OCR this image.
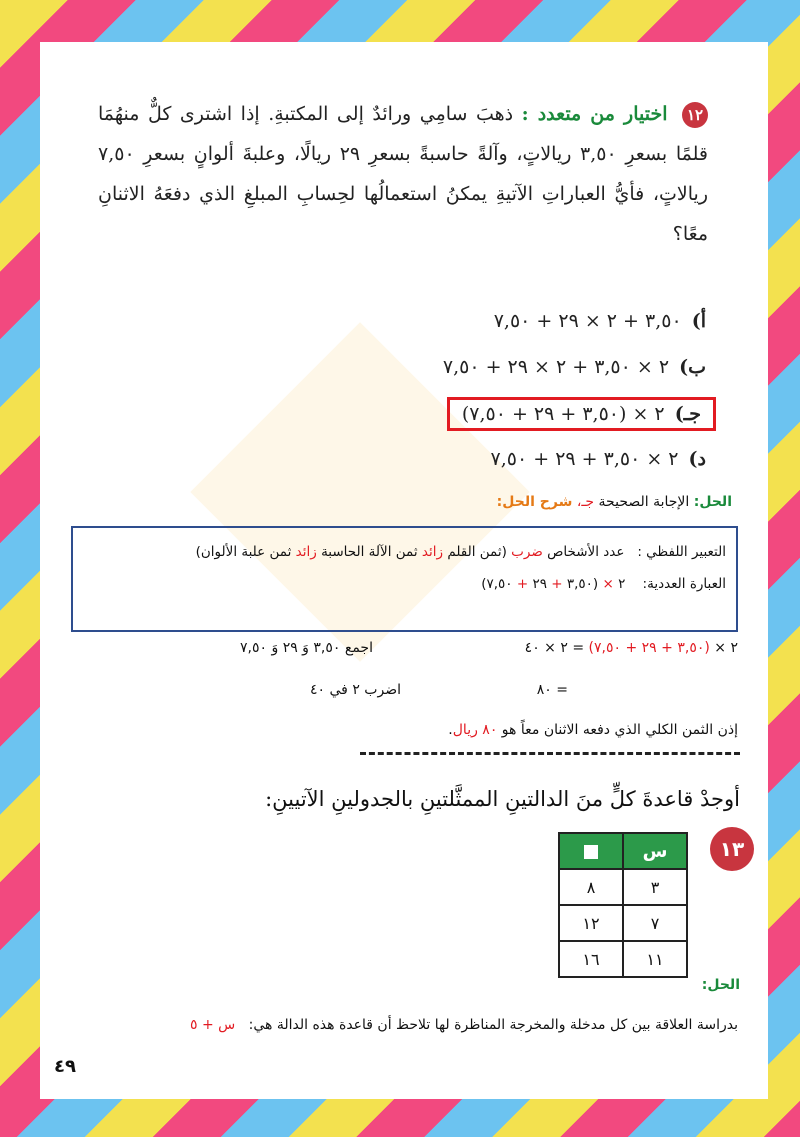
١٢ اختيار من متعدد : ذهبَ سامِي ورائدٌ إلى المكتبةِ. إذا اشترى كلٌّ منهُمَا قلمًا بسعرِ ٣,٥٠ ريالاتٍ، وآلةً حاسبةً بسعرِ ٢٩ ريالًا، وعلبةَ ألوانٍ بسعرِ ٧,٥٠ ريالاتٍ، فأيُّ العباراتِ الآتيةِ يمكنُ استعمالُها لحِسابِ المبلغِ الذي دفعَهُ الاثنانِ معًا؟
أ) ٣,٥٠ + ٢ × ٢٩ + ٧,٥٠
ب) ٢ × ٣,٥٠ + ٢ × ٢٩ + ٧,٥٠
جـ) ٢ × (٣,٥٠ + ٢٩ + ٧,٥٠)
د) ٢ × ٣,٥٠ + ٢٩ + ٧,٥٠
الحل: الإجابة الصحيحة جـ، شرح الحل:
التعبير اللفظي :   عدد الأشخاص ضرب (ثمن القلم زائد ثمن الآلة الحاسبة زائد ثمن علبة الألوان)
العبارة العددية:    ٢ × (٣,٥٠ + ٢٩ + ٧,٥٠)
٢ × (٣,٥٠ + ٢٩ + ٧,٥٠) = ٢ × ٤٠
اجمع ٣,٥٠ وَ ٢٩ وَ ٧,٥٠
= ٨٠
اضرب ٢ في ٤٠
إذن الثمن الكلي الذي دفعه الاثنان معاً هو ٨٠ ريال.
أوجدْ قاعدةَ كلٍّ منَ الدالتينِ الممثَّلتينِ بالجدولينِ الآتيينِ:
١٣
س	
٣	٨
٧	١٢
١١	١٦
الحل:
بدراسة العلاقة بين كل مدخلة والمخرجة المناظرة لها تلاحظ أن قاعدة هذه الدالة هي:   س + ٥
٤٩
